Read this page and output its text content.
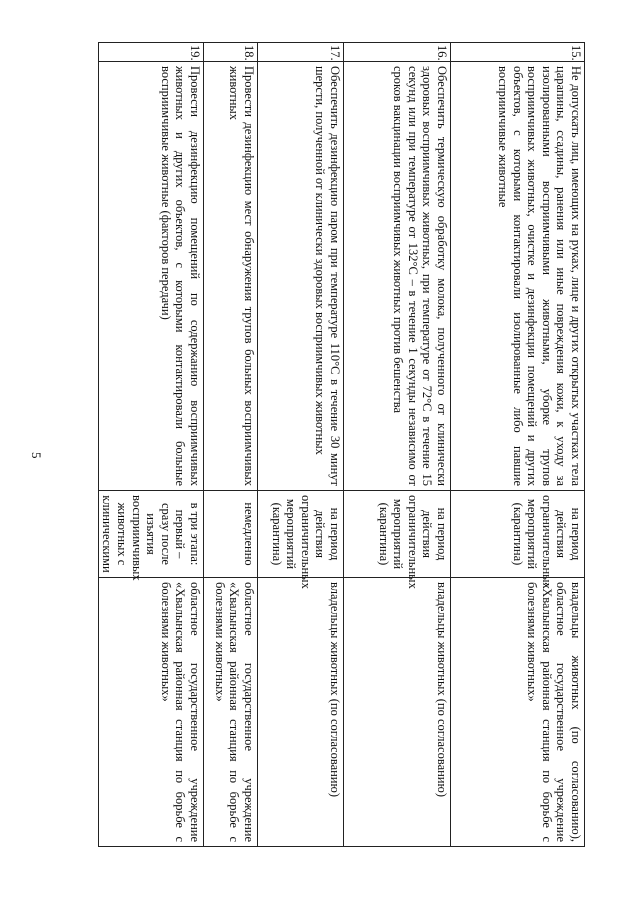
5
15.	Не допускать лиц, имеющих на руках, лице и других открытых участках тела царапины, ссадины, ранения или иные повреждения кожи, к уходу за изолированными восприимчивыми животными, уборке трупов восприимчивых животных, очистке и дезинфекции помещений и других объектов, с которыми контактировали изолированные либо павшие восприимчивые животные	на период действия ограничительных мероприятий (карантина)	владельцы животных (по согласованию), областное государственное учреждение «Хвалынская районная станция по борьбе с болезнями животных»
16.	Обеспечить термическую обработку молока, полученного от клинически здоровых восприимчивых животных, при температуре от 72°С в течение 15 секунд или при температуре от 132°С – в течение 1 секунды независимо от сроков вакцинации восприимчивых животных против бешенства	на период действия ограничительных мероприятий (карантина)	владельцы животных (по согласованию)
17.	Обеспечить дезинфекцию паром при температуре 110°С в течение 30 минут шерсти, полученной от клинически здоровых восприимчивых животных	на период действия ограничительных мероприятий (карантина)	владельцы животных (по согласованию)
18.	Провести дезинфекцию мест обнаружения трупов больных восприимчивых животных	немедленно	областное государственное учреждение «Хвалынская районная станция по борьбе с болезнями животных»
19.	Провести дезинфекцию помещений по содержанию восприимчивых животных и других объектов, с которыми контактировали больные восприимчивые животные (факторов передачи)	в три этапа: первый – сразу после изъятия восприимчивых животных с клиническими	областное государственное учреждение «Хвалынская районная станция по борьбе с болезнями животных»
